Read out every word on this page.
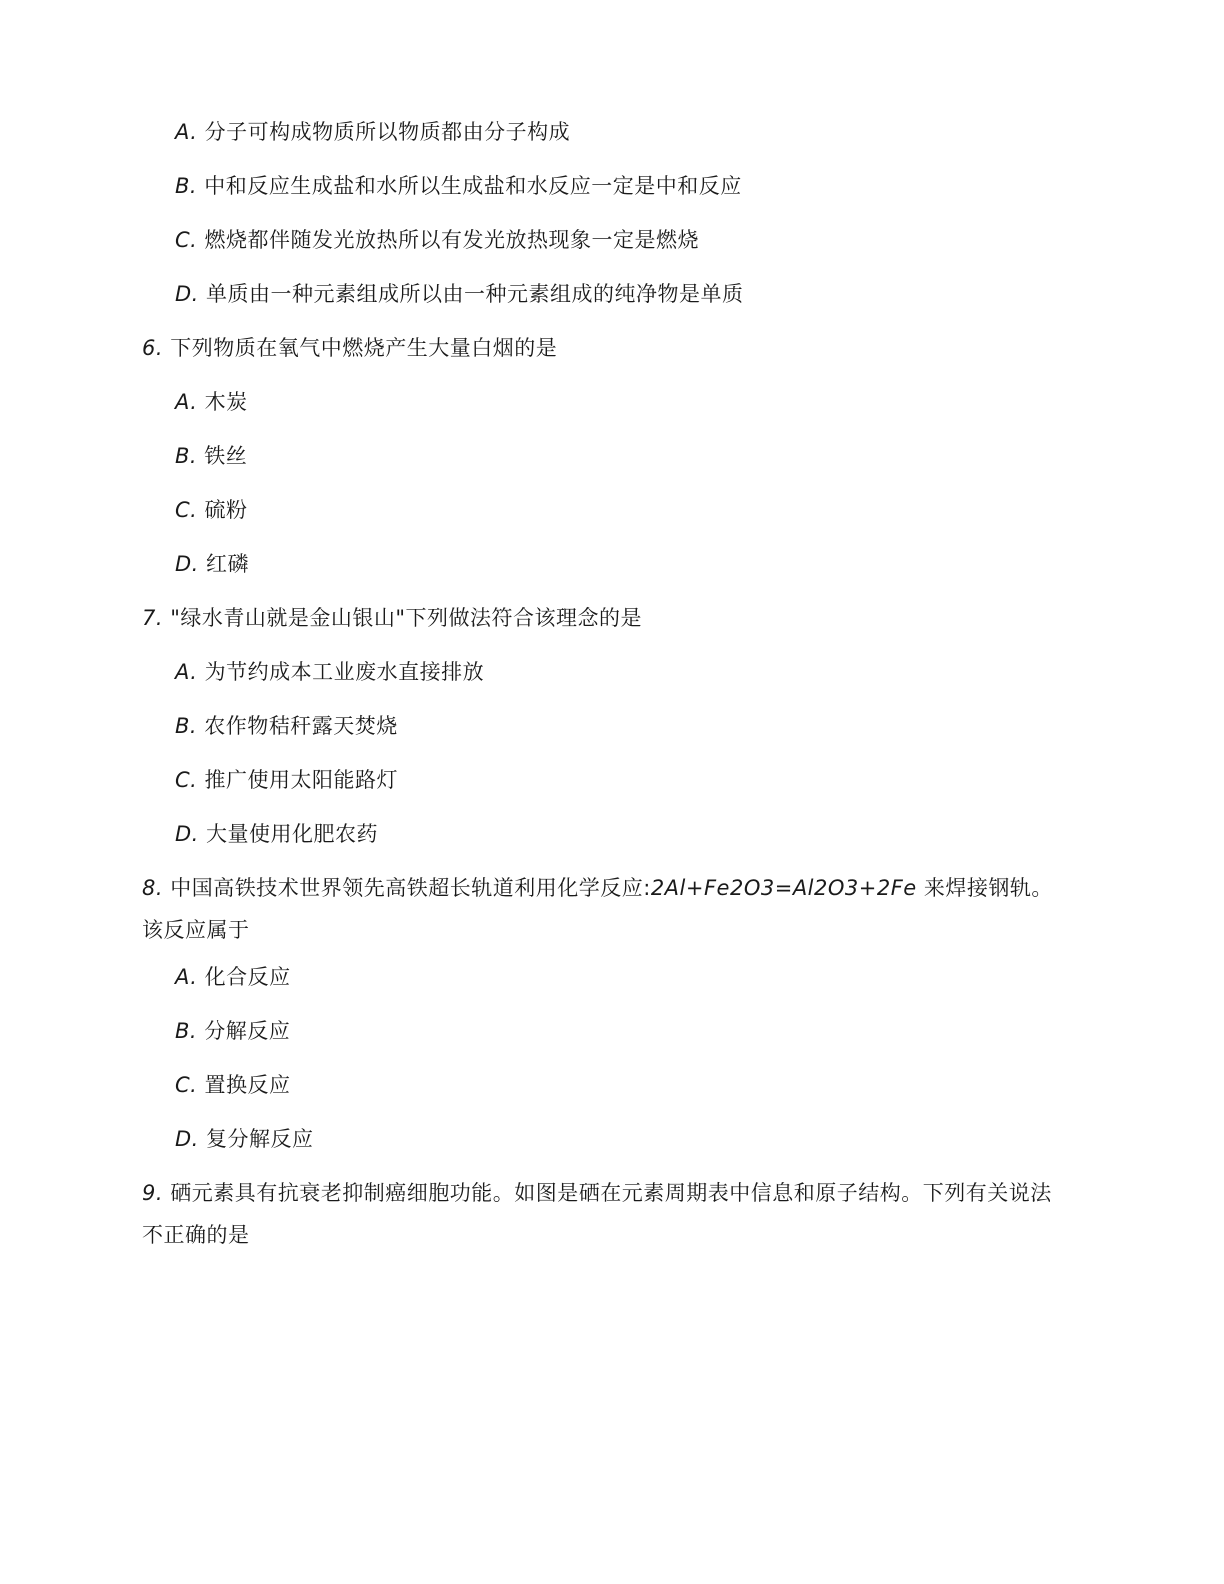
A. 分子可构成物质所以物质都由分子构成
B. 中和反应生成盐和水所以生成盐和水反应一定是中和反应
C. 燃烧都伴随发光放热所以有发光放热现象一定是燃烧
D. 单质由一种元素组成所以由一种元素组成的纯净物是单质
6. 下列物质在氧气中燃烧产生大量白烟的是
A. 木炭
B. 铁丝
C. 硫粉
D. 红磷
7. "绿水青山就是金山银山"下列做法符合该理念的是
A. 为节约成本工业废水直接排放
B. 农作物秸秆露天焚烧
C. 推广使用太阳能路灯
D. 大量使用化肥农药
8. 中国高铁技术世界领先高铁超长轨道利用化学反应:2Al+Fe2O3=Al2O3+2Fe 来焊接钢轨。
该反应属于
A. 化合反应
B. 分解反应
C. 置换反应
D. 复分解反应
9. 硒元素具有抗衰老抑制癌细胞功能。如图是硒在元素周期表中信息和原子结构。下列有关说法
不正确的是
